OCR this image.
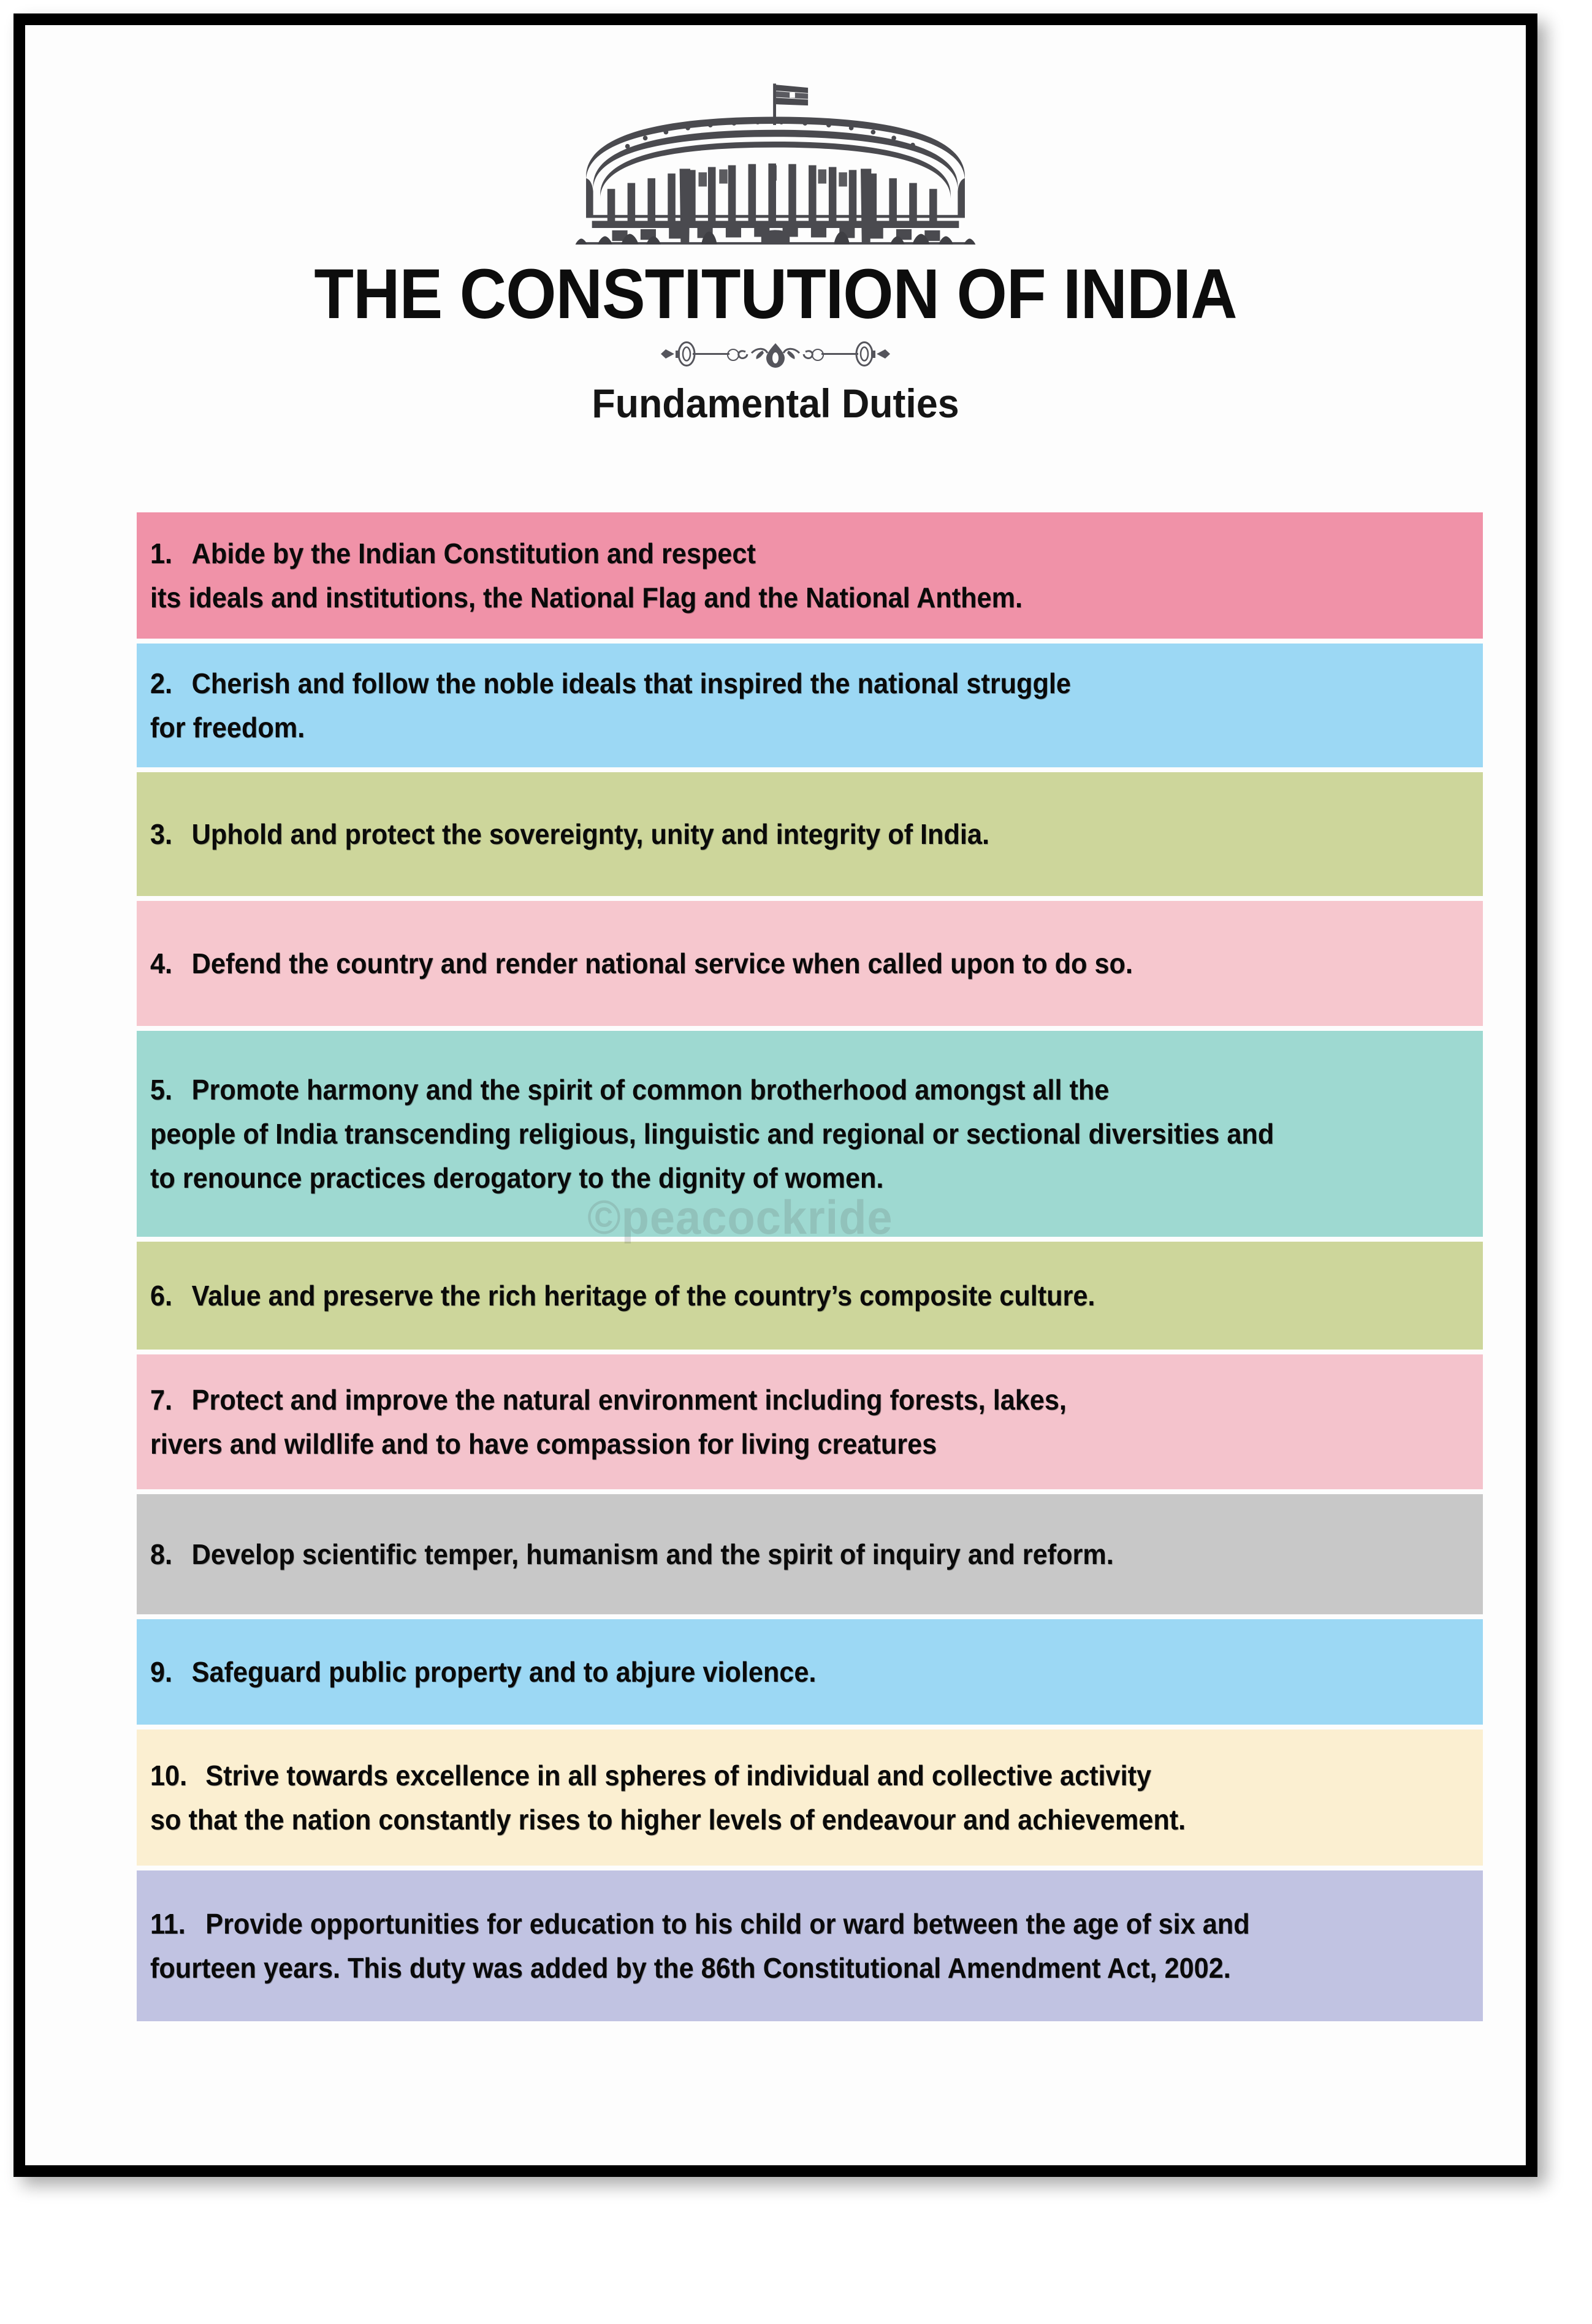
THE CONSTITUTION OF INDIA
Fundamental Duties
1. Abide by the Indian Constitution and respect
its ideals and institutions, the National Flag and the National Anthem.
2. Cherish and follow the noble ideals that inspired the national struggle
for freedom.
3. Uphold and protect the sovereignty, unity and integrity of India.
4. Defend the country and render national service when called upon to do so.
5. Promote harmony and the spirit of common brotherhood amongst all the
people of India transcending religious, linguistic and regional or sectional diversities and
to renounce practices derogatory to the dignity of women.
6. Value and preserve the rich heritage of the country’s composite culture.
7. Protect and improve the natural environment including forests, lakes,
rivers and wildlife and to have compassion for living creatures
8. Develop scientific temper, humanism and the spirit of inquiry and reform.
9. Safeguard public property and to abjure violence.
10. Strive towards excellence in all spheres of individual and collective activity
so that the nation constantly rises to higher levels of endeavour and achievement.
11. Provide opportunities for education to his child or ward between the age of six and
fourteen years. This duty was added by the 86th Constitutional Amendment Act, 2002.
